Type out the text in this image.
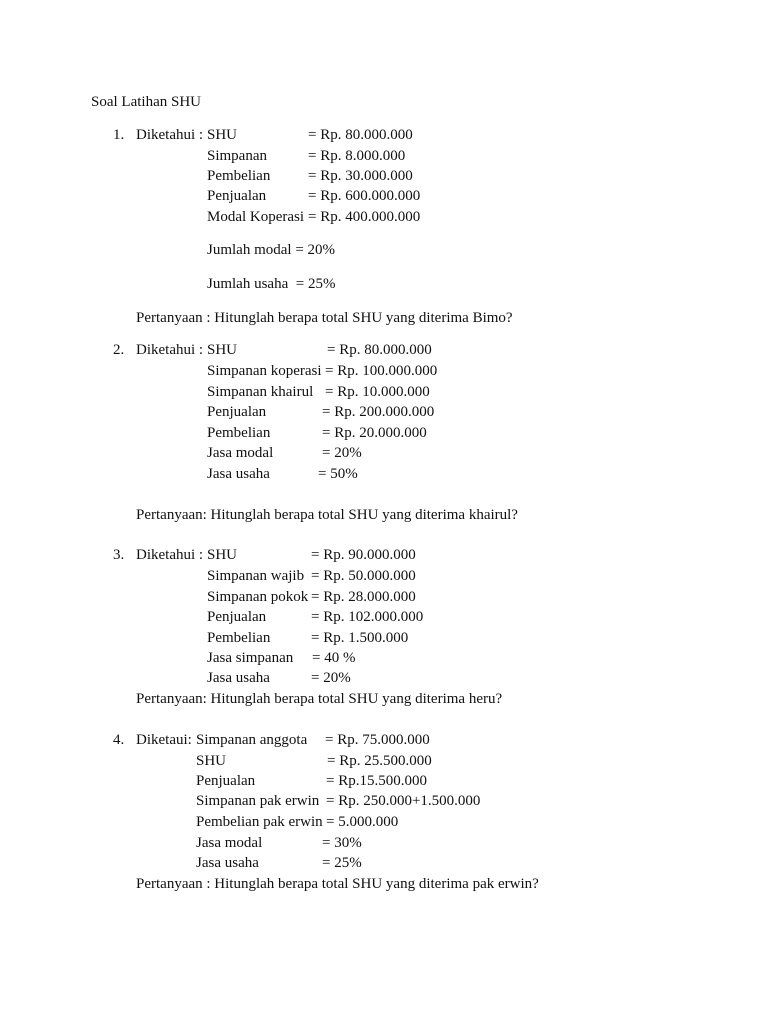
Soal Latihan SHU
1. Diketahui : SHU	= Rp. 80.000.000
Simpanan	= Rp. 8.000.000
Pembelian	= Rp. 30.000.000
Penjualan	= Rp. 600.000.000
Modal Koperasi = Rp. 400.000.000
Jumlah modal = 20%
Jumlah usaha  = 25%
Pertanyaan : Hitunglah berapa total SHU yang diterima Bimo?
2. Diketahui : SHU	= Rp. 80.000.000
Simpanan koperasi = Rp. 100.000.000
Simpanan khairul = Rp. 10.000.000
Penjualan	= Rp. 200.000.000
Pembelian	= Rp. 20.000.000
Jasa modal	= 20%
Jasa usaha	= 50%
Pertanyaan: Hitunglah berapa total SHU yang diterima khairul?
3. Diketahui : SHU	= Rp. 90.000.000
Simpanan wajib = Rp. 50.000.000
Simpanan pokok = Rp. 28.000.000
Penjualan	= Rp. 102.000.000
Pembelian	= Rp. 1.500.000
Jasa simpanan = 40 %
Jasa usaha	= 20%
Pertanyaan: Hitunglah berapa total SHU yang diterima heru?
4. Diketaui: Simpanan anggota = Rp. 75.000.000
SHU	= Rp. 25.500.000
Penjualan	= Rp.15.500.000
Simpanan pak erwin = Rp. 250.000+1.500.000
Pembelian pak erwin = 5.000.000
Jasa modal	= 30%
Jasa usaha	= 25%
Pertanyaan : Hitunglah berapa total SHU yang diterima pak erwin?
